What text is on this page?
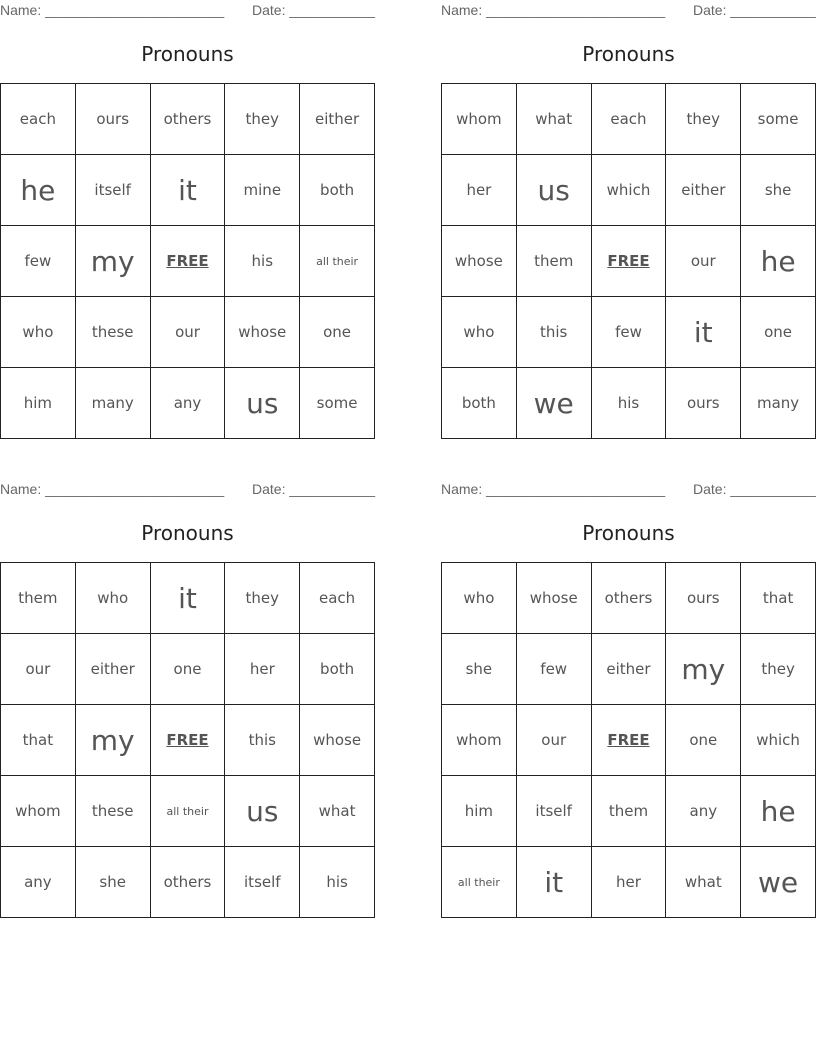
Name: _______________________ Date: ___________
Pronouns
each	ours	others	they	either
he	itself	it	mine	both
few	my	FREE	his	all their
who	these	our	whose	one
him	many	any	us	some
Name: _______________________ Date: ___________
Pronouns
whom	what	each	they	some
her	us	which	either	she
whose	them	FREE	our	he
who	this	few	it	one
both	we	his	ours	many
Name: _______________________ Date: ___________
Pronouns
them	who	it	they	each
our	either	one	her	both
that	my	FREE	this	whose
whom	these	all their	us	what
any	she	others	itself	his
Name: _______________________ Date: ___________
Pronouns
who	whose	others	ours	that
she	few	either	my	they
whom	our	FREE	one	which
him	itself	them	any	he
all their	it	her	what	we
